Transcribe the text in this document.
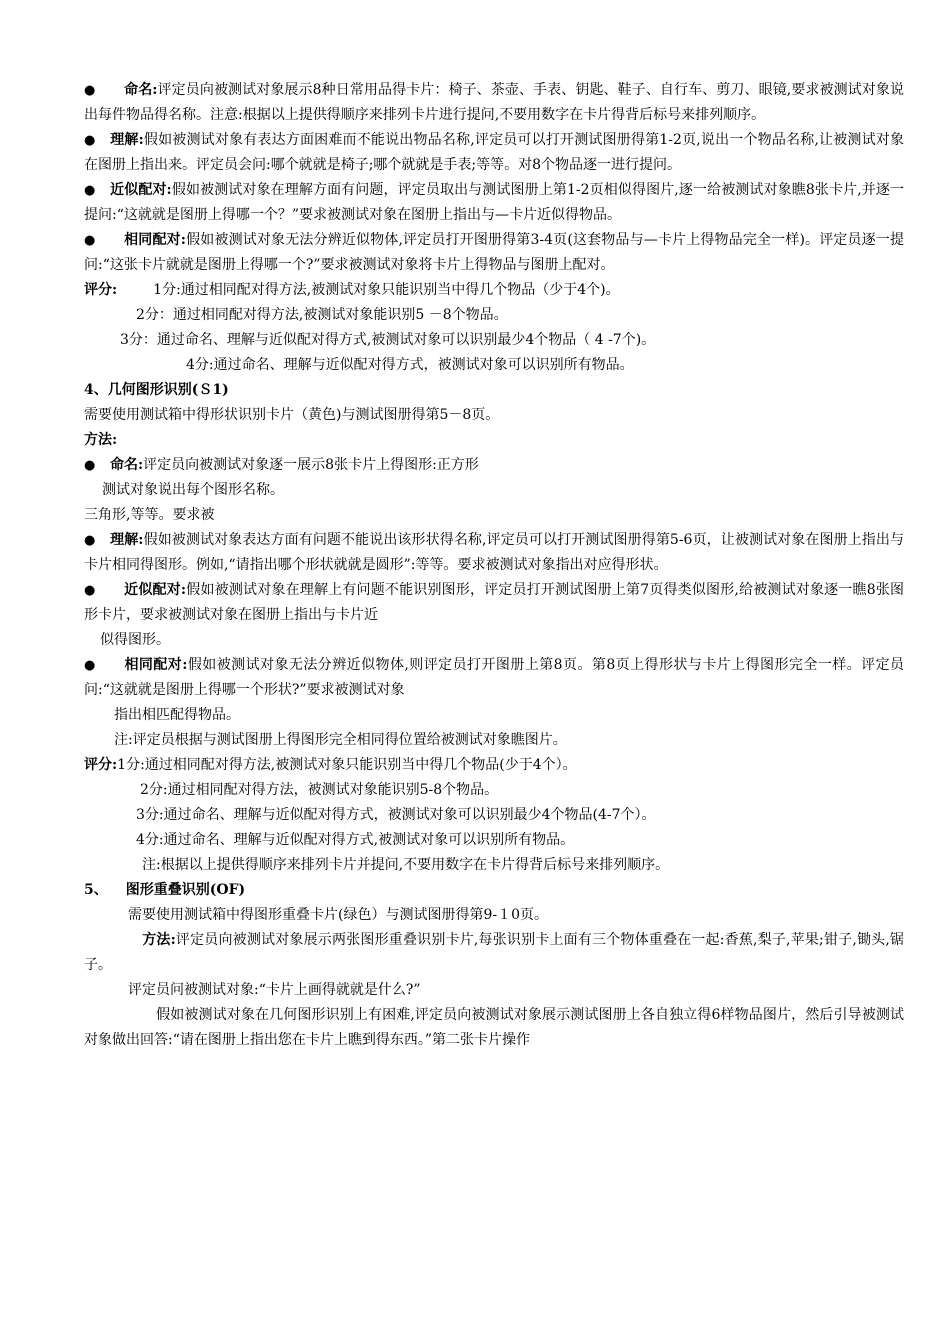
● 命名:评定员向被测试对象展示8种日常用品得卡片：椅子、茶壶、手表、钥匙、鞋子、自行车、剪刀、眼镜,要求被测试对象说出每件物品得名称。注意:根据以上提供得顺序来排列卡片进行提问,不要用数字在卡片得背后标号来排列顺序。

● 理解:假如被测试对象有表达方面困难而不能说出物品名称,评定员可以打开测试图册得第1-2页,说出一个物品名称,让被测试对象在图册上指出来。评定员会问:哪个就就是椅子;哪个就就是手表;等等。对8个物品逐一进行提问。

● 近似配对:假如被测试对象在理解方面有问题，评定员取出与测试图册上第1-2页相似得图片,逐一给被测试对象瞧8张卡片,并逐一提问:“这就就是图册上得哪一个？”要求被测试对象在图册上指出与—卡片近似得物品。

● 相同配对:假如被测试对象无法分辨近似物体,评定员打开图册得第3-4页(这套物品与—卡片上得物品完全一样)。评定员逐一提问:“这张卡片就就是图册上得哪一个?”要求被测试对象将卡片上得物品与图册上配对。

评分:	1分:通过相同配对得方法,被测试对象只能识别当中得几个物品（少于4个)。

2分：通过相同配对得方法,被测试对象能识别5 －8个物品。

3分：通过命名、理解与近似配对得方式,被测试对象可以识别最少4个物品（ 4 -7个)。

4分:通过命名、理解与近似配对得方式，被测试对象可以识别所有物品。

4、几何图形识别(Ｓ1)

需要使用测试箱中得形状识别卡片（黄色)与测试图册得第5－8页。

方法:

● 命名:评定员向被测试对象逐一展示8张卡片上得图形:正方形

测试对象说出每个图形名称。

三角形,等等。要求被

● 理解:假如被测试对象表达方面有问题不能说出该形状得名称,评定员可以打开测试图册得第5-6页，让被测试对象在图册上指出与卡片相同得图形。例如,“请指出哪个形状就就是圆形”:等等。要求被测试对象指出对应得形状。

● 近似配对:假如被测试对象在理解上有问题不能识别图形，评定员打开测试图册上第7页得类似图形,给被测试对象逐一瞧8张图形卡片，要求被测试对象在图册上指出与卡片近

似得图形。

● 相同配对:假如被测试对象无法分辨近似物体,则评定员打开图册上第8页。第8页上得形状与卡片上得图形完全一样。评定员问:“这就就是图册上得哪一个形状?”要求被测试对象

指出相匹配得物品。

注:评定员根据与测试图册上得图形完全相同得位置给被测试对象瞧图片。

评分:1分:通过相同配对得方法,被测试对象只能识别当中得几个物品(少于4个）。

2分:通过相同配对得方法，被测试对象能识别5-8个物品。

3分:通过命名、理解与近似配对得方式，被测试对象可以识别最少4个物品(4-7个）。

4分:通过命名、理解与近似配对得方式,被测试对象可以识别所有物品。

注:根据以上提供得顺序来排列卡片并提问,不要用数字在卡片得背后标号来排列顺序。

5、 图形重叠识别(OF)

需要使用测试箱中得图形重叠卡片(绿色）与测试图册得第9-１0页。

方法:评定员向被测试对象展示两张图形重叠识别卡片,每张识别卡上面有三个物体重叠在一起:香蕉,梨子,苹果;钳子,锄头,锯子。

评定员问被测试对象:“卡片上画得就就是什么?”

假如被测试对象在几何图形识别上有困难,评定员向被测试对象展示测试图册上各自独立得6样物品图片，然后引导被测试对象做出回答:“请在图册上指出您在卡片上瞧到得东西。”第二张卡片操作
